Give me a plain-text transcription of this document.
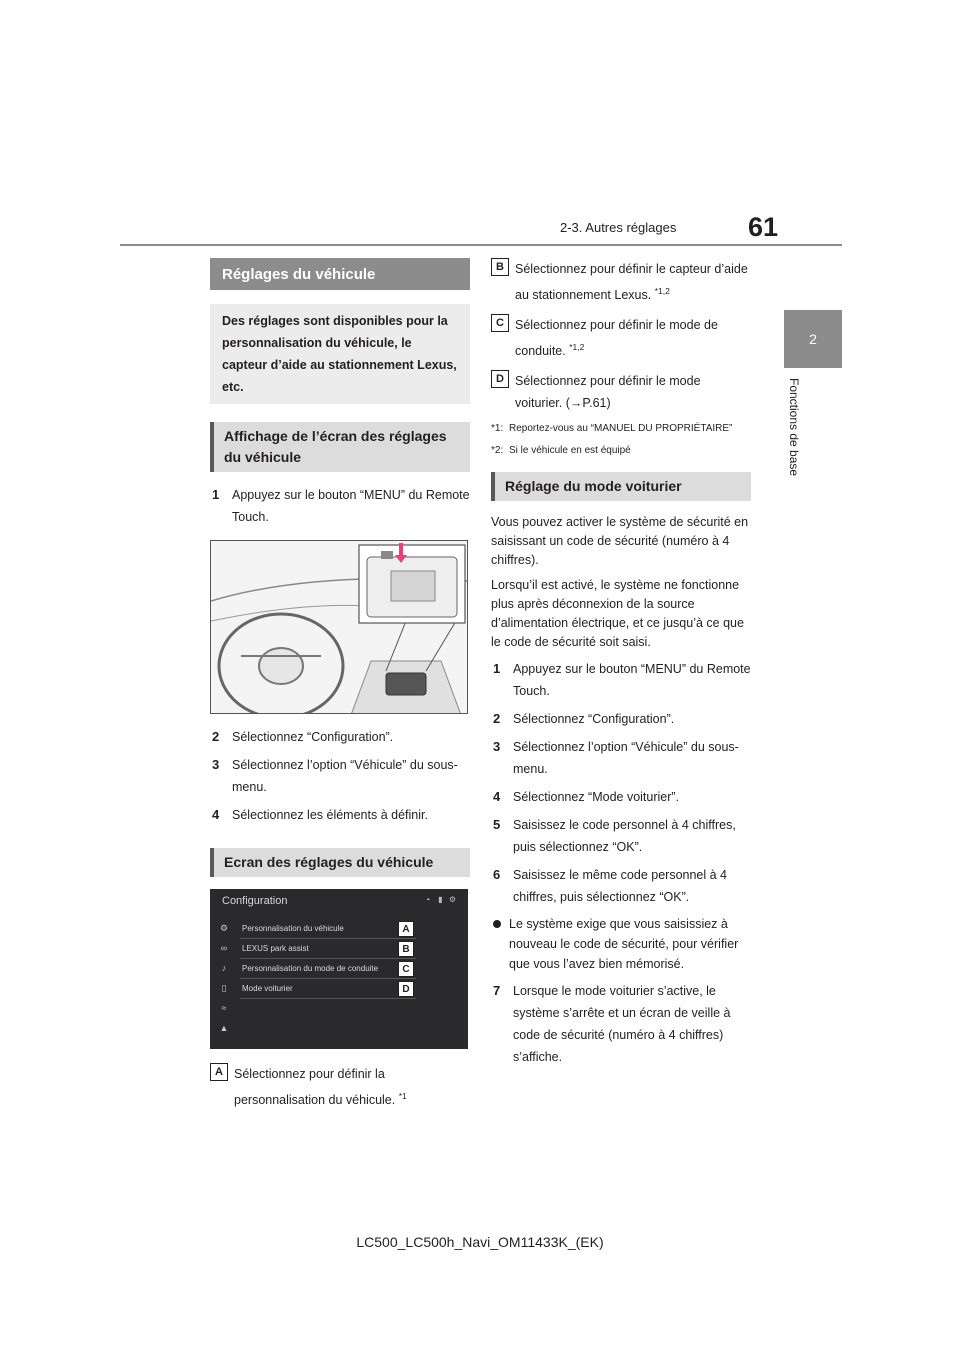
61
2-3. Autres réglages
2
Fonctions de base
Réglages du véhicule
Des réglages sont disponibles pour la personnalisation du véhicule, le capteur d’aide au stationnement Lexus, etc.
Affichage de l’écran des réglages du véhicule
1 Appuyez sur le bouton “MENU” du Remote Touch.
2 Sélectionnez “Configuration”.
3 Sélectionnez l’option “Véhicule” du sous-menu.
4 Sélectionnez les éléments à définir.
Ecran des réglages du véhicule
Configuration	╸ ▮ ⚙
⚙
∞
♪
▯
≈
▲
Personnalisation du véhicule	A
LEXUS park assist	B
Personnalisation du mode de conduite	C
Mode voiturier	D
A Sélectionnez pour définir la personnalisation du véhicule. $^{*1}$
B Sélectionnez pour définir le capteur d’aide au stationnement Lexus. $^{*1,2}$
C Sélectionnez pour définir le mode de conduite. $^{*1,2}$
D Sélectionnez pour définir le mode voiturier. (→P.61)
*1: Reportez-vous au “MANUEL DU PROPRIÉTAIRE”
*2: Si le véhicule en est équipé
Réglage du mode voiturier
Vous pouvez activer le système de sécurité en saisissant un code de sécurité (numéro à 4 chiffres).
Lorsqu’il est activé, le système ne fonctionne plus après déconnexion de la source d’alimentation électrique, et ce jusqu’à ce que le code de sécurité soit saisi.
1 Appuyez sur le bouton “MENU” du Remote Touch.
2 Sélectionnez “Configuration”.
3 Sélectionnez l’option “Véhicule” du sous-menu.
4 Sélectionnez “Mode voiturier”.
5 Saisissez le code personnel à 4 chiffres, puis sélectionnez “OK”.
6 Saisissez le même code personnel à 4 chiffres, puis sélectionnez “OK”.
Le système exige que vous saisissiez à nouveau le code de sécurité, pour vérifier que vous l’avez bien mémorisé.
7 Lorsque le mode voiturier s’active, le système s’arrête et un écran de veille à code de sécurité (numéro à 4 chiffres) s’affiche.
LC500_LC500h_Navi_OM11433K_(EK)
